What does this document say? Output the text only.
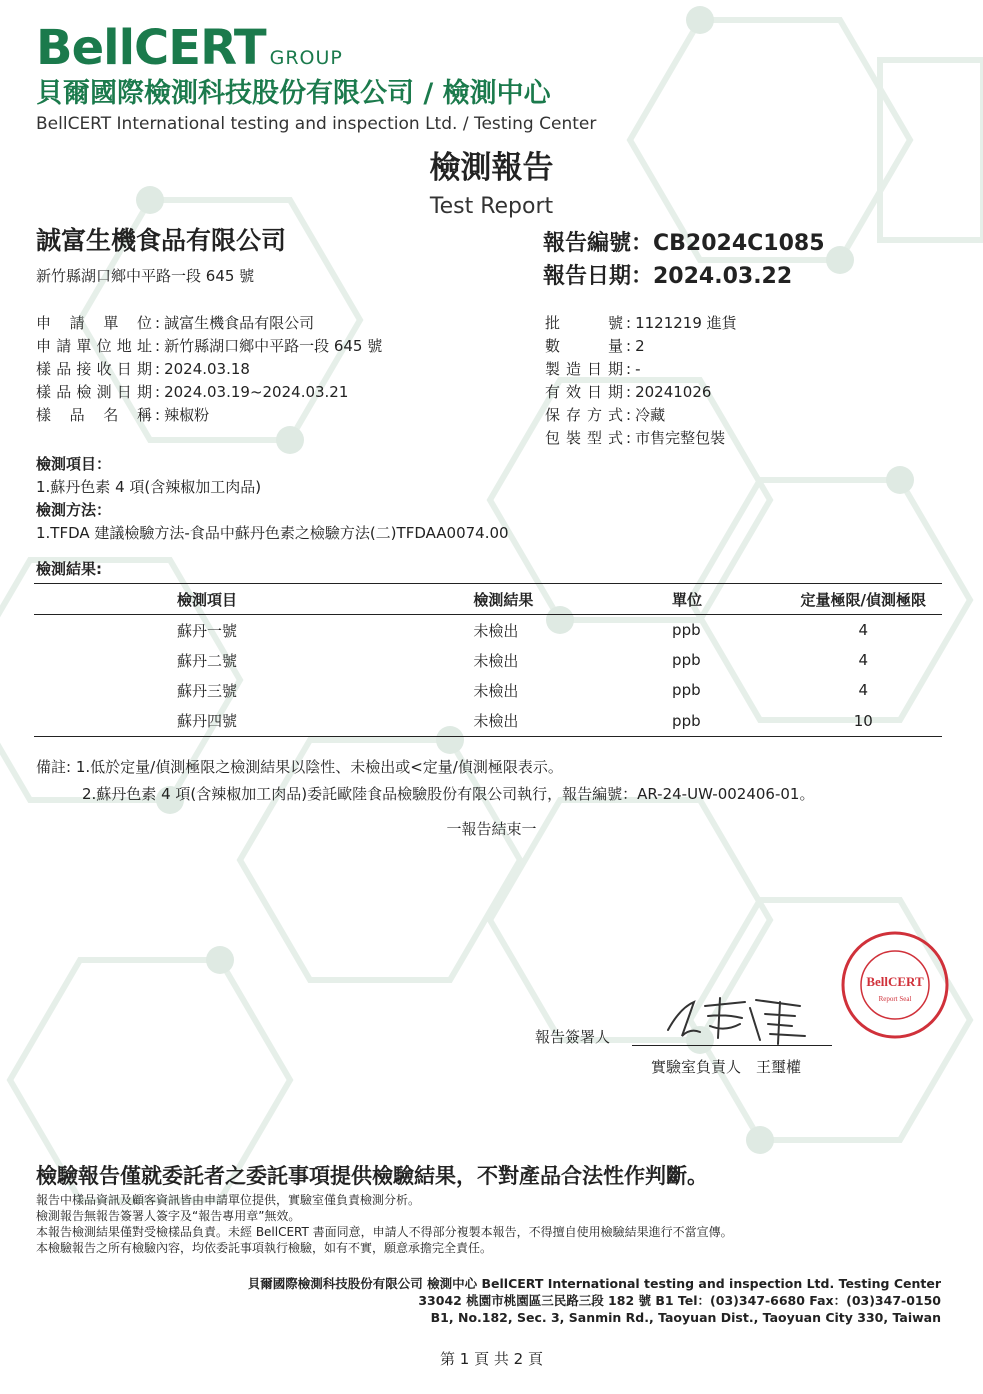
BellCERT GROUP
貝爾國際檢測科技股份有限公司 / 檢測中心
BellCERT International testing and inspection Ltd. / Testing Center
檢測報告
Test Report
誠富生機食品有限公司
新竹縣湖口鄉中平路一段 645 號
報告編號：CB2024C1085
報告日期：2024.03.22
申請單位 : 誠富生機食品有限公司
申請單位地址 : 新竹縣湖口鄉中平路一段 645 號
樣品接收日期 : 2024.03.18
樣品檢測日期 : 2024.03.19~2024.03.21
樣品名稱 : 辣椒粉
批號 : 1121219 進貨
數量 : 2
製造日期 : -
有效日期 : 20241026
保存方式 : 冷藏
包裝型式 : 市售完整包裝
檢測項目：
1.蘇丹色素 4 項(含辣椒加工肉品)
檢測方法：
1.TFDA 建議檢驗方法-食品中蘇丹色素之檢驗方法(二)TFDAA0074.00
檢測結果:
檢測項目	檢測結果	單位	定量極限/偵測極限
蘇丹一號	未檢出	ppb	4
蘇丹二號	未檢出	ppb	4
蘇丹三號	未檢出	ppb	4
蘇丹四號	未檢出	ppb	10
備註: 1.低於定量/偵測極限之檢測結果以陰性、未檢出或<定量/偵測極限表示。
2.蘇丹色素 4 項(含辣椒加工肉品)委託歐陸食品檢驗股份有限公司執行，報告編號：AR-24-UW-002406-01。
一報告結束一
BellCERT
Report Seal
報告簽署人
實驗室負責人　王璽權
檢驗報告僅就委託者之委託事項提供檢驗結果，不對產品合法性作判斷。
報告中樣品資訊及顧客資訊皆由申請單位提供，實驗室僅負責檢測分析。
檢測報告無報告簽署人簽字及“報告專用章”無效。
本報告檢測結果僅對受檢樣品負責。未經 BellCERT 書面同意，申請人不得部分複製本報告，不得擅自使用檢驗結果進行不當宣傳。
本檢驗報告之所有檢驗內容，均依委託事項執行檢驗，如有不實，願意承擔完全責任。
貝爾國際檢測科技股份有限公司 檢測中心 BellCERT International testing and inspection Ltd. Testing Center
33042 桃園市桃園區三民路三段 182 號 B1 Tel：(03)347-6680 Fax：(03)347-0150
B1, No.182, Sec. 3, Sanmin Rd., Taoyuan Dist., Taoyuan City 330, Taiwan
第 1 頁 共 2 頁
